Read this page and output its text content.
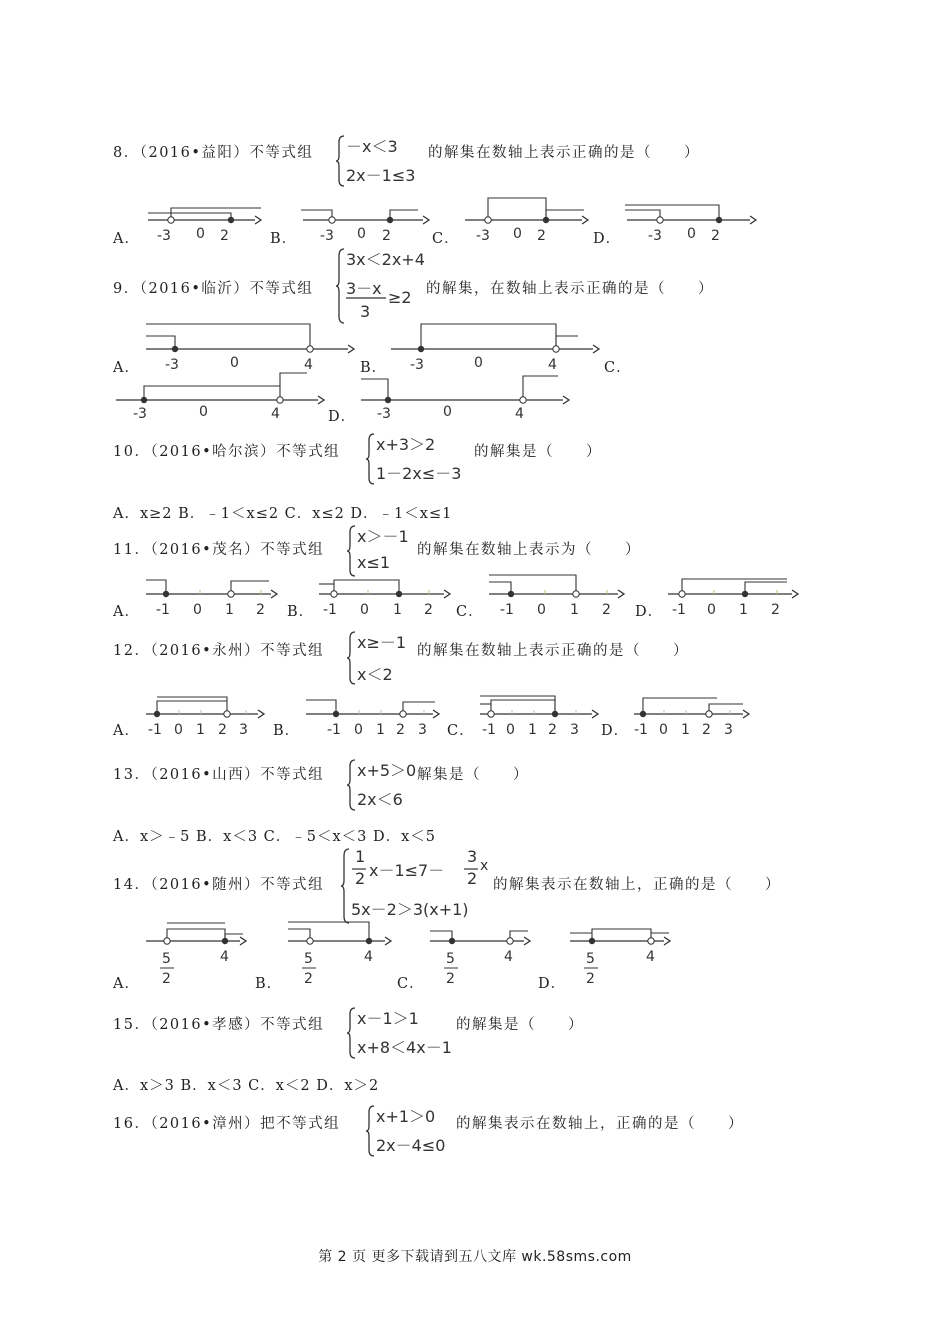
8．（2016•益阳）不等式组 －x＜3
2x－1≤3
的解集在数轴上表示正确的是（　　）
A． -3 0 2	B． -3 0 2	C． -3 0 2	D． -3 0 2
9．（2016•临沂）不等式组
3x＜2x+4
3－x
3
≥2 的解集，在数轴上表示正确的是（　　）
A． -3	0	4	B． -3	0	4	C．
-3	0	4	D． -3	0	4
10．（2016•哈尔滨）不等式组 x+3＞2
1－2x≤－3
的解集是（　　）
A．x≥2 B．﹣1＜x≤2 C．x≤2 D．﹣1＜x≤1
11．（2016•茂名）不等式组
x＞－1
x≤1
的解集在数轴上表示为（　　）
A． -1 0 1 2 B． -1 0 1 2 C． -1 0 1 2 D． -1 0 1 2
12．（2016•永州）不等式组 x≥－1
x＜2
的解集在数轴上表示正确的是（　　）
A． -1 0 1 2 3 B． -1 0 1 2 3 C． -1 0 1 2 3 D． -1 0 1 2 3
13．（2016•山西）不等式组 x+5＞0
2x＜6
解集是（　　）
A．x＞﹣5 B．x＜3 C．﹣5＜x＜3 D．x＜5
14．（2016•随州）不等式组
1
2 x－1≤7－
3
2
x
5x－2＞3(x+1)
的解集表示在数轴上，正确的是（　　）
A．
5
2
4
B．
5
2
4
C．
5
2
4
D．
5
2
4
15．（2016•孝感）不等式组 x－1＞1
x+8＜4x－1
的解集是（　　）
A．x＞3 B．x＜3 C．x＜2 D．x＞2
16．（2016•漳州）把不等式组 x+1＞0
2x－4≤0
的解集表示在数轴上，正确的是（　　）
第 2 页 更多下载请到五八文库 wk.58sms.com
